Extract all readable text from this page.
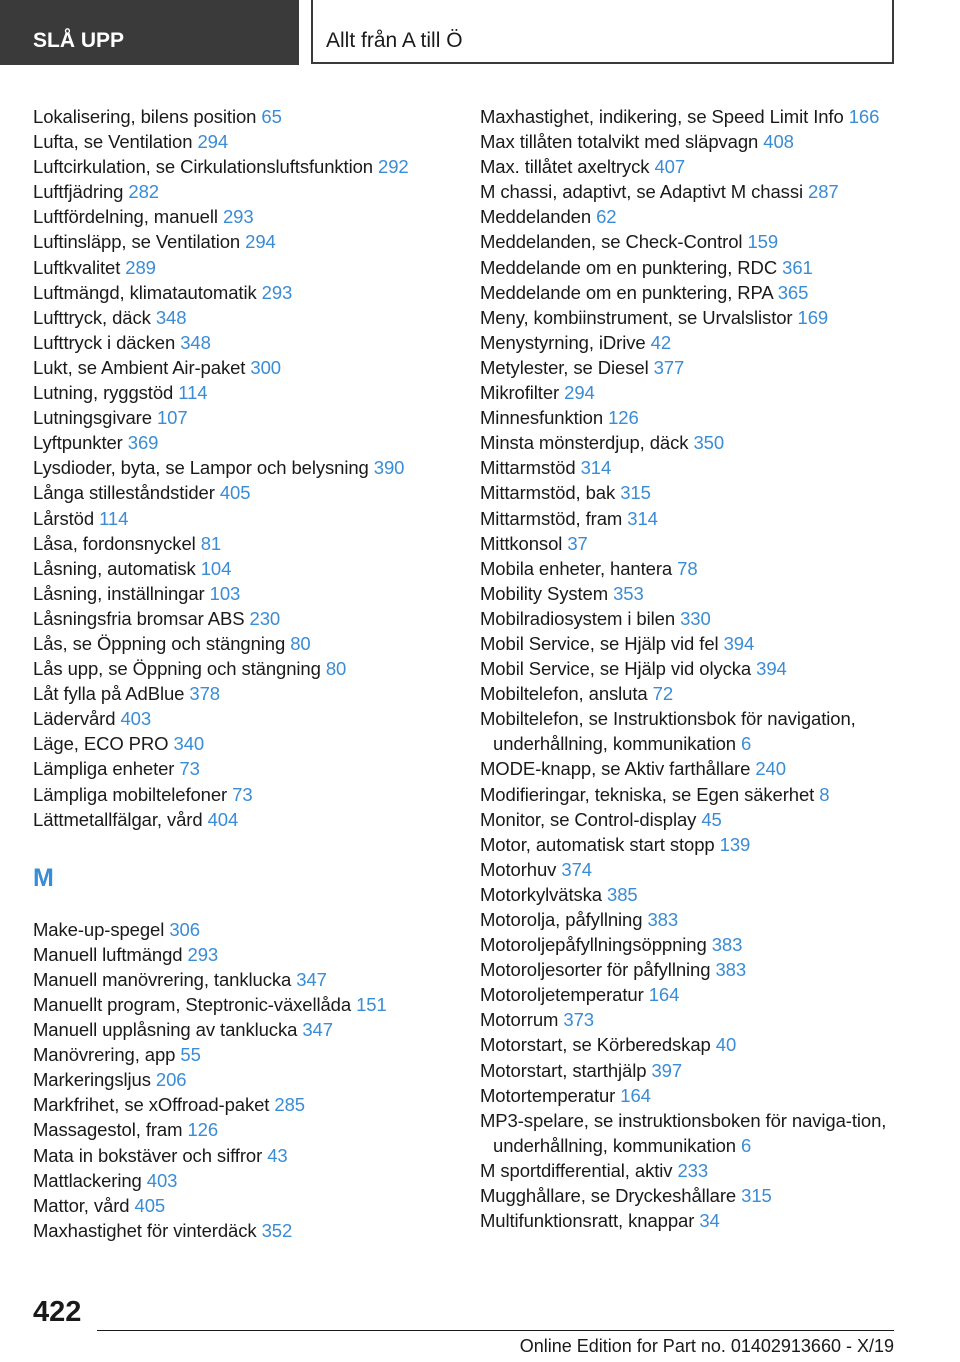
SLÅ UPP	Allt från A till Ö
Lokalisering, bilens position 65
Lufta, se Ventilation 294
Luftcirkulation, se Cirkulationsluftsfunktion 292
Luftfjädring 282
Luftfördelning, manuell 293
Luftinsläpp, se Ventilation 294
Luftkvalitet 289
Luftmängd, klimatautomatik 293
Lufttryck, däck 348
Lufttryck i däcken 348
Lukt, se Ambient Air-paket 300
Lutning, ryggstöd 114
Lutningsgivare 107
Lyftpunkter 369
Lysdioder, byta, se Lampor och belysning 390
Långa stilleståndstider 405
Lårstöd 114
Låsa, fordonsnyckel 81
Låsning, automatisk 104
Låsning, inställningar 103
Låsningsfria bromsar ABS 230
Lås, se Öppning och stängning 80
Lås upp, se Öppning och stängning 80
Låt fylla på AdBlue 378
Lädervård 403
Läge, ECO PRO 340
Lämpliga enheter 73
Lämpliga mobiltelefoner 73
Lättmetallfälgar, vård 404
M
Make-up-spegel 306
Manuell luftmängd 293
Manuell manövrering, tanklucka 347
Manuellt program, Steptronic-växellåda 151
Manuell upplåsning av tanklucka 347
Manövrering, app 55
Markeringsljus 206
Markfrihet, se xOffroad-paket 285
Massagestol, fram 126
Mata in bokstäver och siffror 43
Mattlackering 403
Mattor, vård 405
Maxhastighet för vinterdäck 352
Maxhastighet, indikering, se Speed Limit Info 166
Max tillåten totalvikt med släpvagn 408
Max. tillåtet axeltryck 407
M chassi, adaptivt, se Adaptivt M chassi 287
Meddelanden 62
Meddelanden, se Check-Control 159
Meddelande om en punktering, RDC 361
Meddelande om en punktering, RPA 365
Meny, kombiinstrument, se Urvalslistor 169
Menystyrning, iDrive 42
Metylester, se Diesel 377
Mikrofilter 294
Minnesfunktion 126
Minsta mönsterdjup, däck 350
Mittarmstöd 314
Mittarmstöd, bak 315
Mittarmstöd, fram 314
Mittkonsol 37
Mobila enheter, hantera 78
Mobility System 353
Mobilradiosystem i bilen 330
Mobil Service, se Hjälp vid fel 394
Mobil Service, se Hjälp vid olycka 394
Mobiltelefon, ansluta 72
Mobiltelefon, se Instruktionsbok för navigation, underhållning, kommunikation 6
MODE-knapp, se Aktiv farthållare 240
Modifieringar, tekniska, se Egen säkerhet 8
Monitor, se Control-display 45
Motor, automatisk start stopp 139
Motorhuv 374
Motorkylvätska 385
Motorolja, påfyllning 383
Motoroljepåfyllningsöppning 383
Motoroljesorter för påfyllning 383
Motoroljetemperatur 164
Motorrum 373
Motorstart, se Körberedskap 40
Motorstart, starthjälp 397
Motortemperatur 164
MP3-spelare, se instruktionsboken för naviga‐tion, underhållning, kommunikation 6
M sportdifferential, aktiv 233
Mugghållare, se Dryckeshållare 315
Multifunktionsratt, knappar 34
422
Online Edition for Part no. 01402913660 - X/19
